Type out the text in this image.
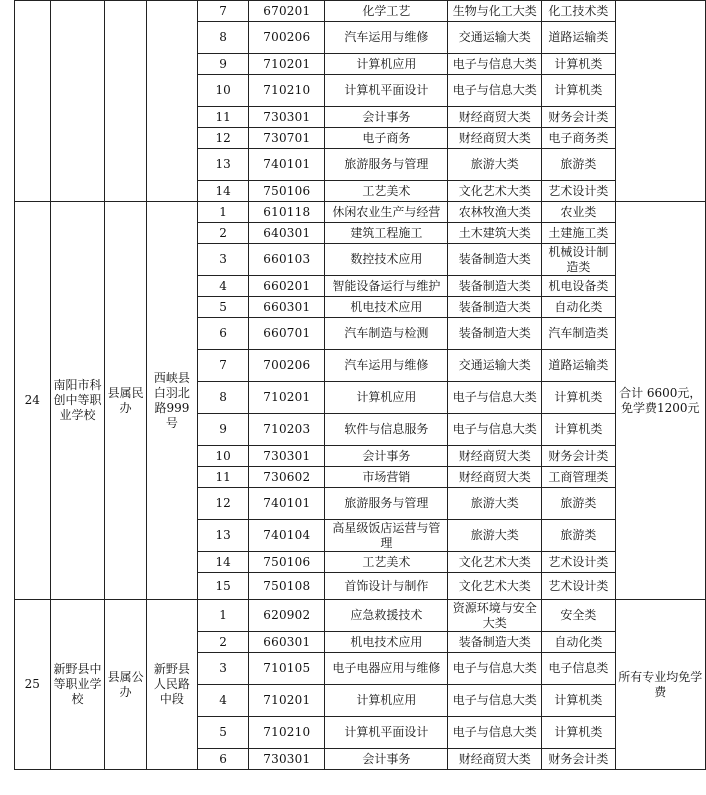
				7	670201	化学工艺	生物与化工大类	化工技术类	
				8	700206	汽车运用与维修	交通运输大类	道路运输类	
				9	710201	计算机应用	电子与信息大类	计算机类	
				10	710210	计算机平面设计	电子与信息大类	计算机类	
				11	730301	会计事务	财经商贸大类	财务会计类	
				12	730701	电子商务	财经商贸大类	电子商务类	
				13	740101	旅游服务与管理	旅游大类	旅游类	
				14	750106	工艺美术	文化艺术大类	艺术设计类	
24	南阳市科创中等职业学校	县属民办	西峡县白羽北路999号	1	610118	休闲农业生产与经营	农林牧渔大类	农业类	合计 6600元，免学费1200元
				2	640301	建筑工程施工	土木建筑大类	土建施工类	
				3	660103	数控技术应用	装备制造大类	机械设计制造类	
				4	660201	智能设备运行与维护	装备制造大类	机电设备类	
				5	660301	机电技术应用	装备制造大类	自动化类	
				6	660701	汽车制造与检测	装备制造大类	汽车制造类	
				7	700206	汽车运用与维修	交通运输大类	道路运输类	
				8	710201	计算机应用	电子与信息大类	计算机类	
				9	710203	软件与信息服务	电子与信息大类	计算机类	
				10	730301	会计事务	财经商贸大类	财务会计类	
				11	730602	市场营销	财经商贸大类	工商管理类	
				12	740101	旅游服务与管理	旅游大类	旅游类	
				13	740104	高星级饭店运营与管理	旅游大类	旅游类	
				14	750106	工艺美术	文化艺术大类	艺术设计类	
				15	750108	首饰设计与制作	文化艺术大类	艺术设计类	
25	新野县中等职业学校	县属公办	新野县人民路中段	1	620902	应急救援技术	资源环境与安全大类	安全类	所有专业均免学费
				2	660301	机电技术应用	装备制造大类	自动化类	
				3	710105	电子电器应用与维修	电子与信息大类	电子信息类	
				4	710201	计算机应用	电子与信息大类	计算机类	
				5	710210	计算机平面设计	电子与信息大类	计算机类	
				6	730301	会计事务	财经商贸大类	财务会计类	
